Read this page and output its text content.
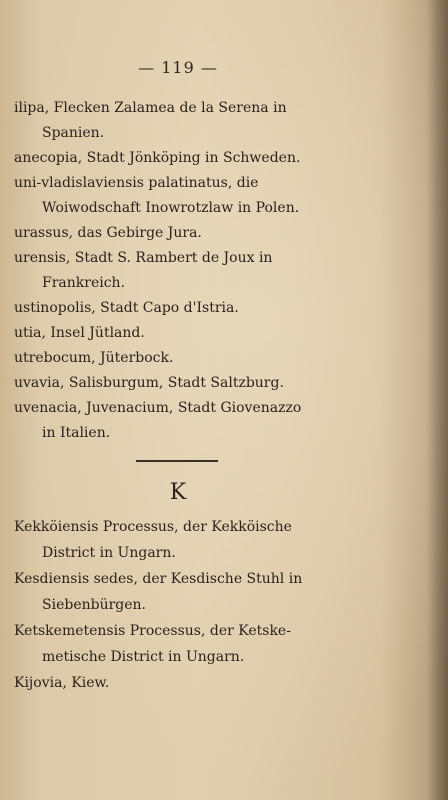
— 119 —

ilipa, Flecken Zalamea de la Serena in
Spanien.

anecopia, Stadt Jönköping in Schweden.

uni-vladislaviensis palatinatus, die
Woiwodschaft Inowrotzlaw in Polen.

urassus, das Gebirge Jura.

urensis, Stadt S. Rambert de Joux in
Frankreich.

ustinopolis, Stadt Capo d'Istria.

utia, Insel Jütland.

utrebocum, Jüterbock.

uvavia, Salisburgum, Stadt Saltzburg.

uvenacia, Juvenacium, Stadt Giovenazzo
in Italien.

K

Kekköiensis Processus, der Kekköische
District in Ungarn.

Kesdiensis sedes, der Kesdische Stuhl in
Siebenbürgen.

Ketskemetensis Processus, der Ketske-
metische District in Ungarn.

Kijovia, Kiew.
